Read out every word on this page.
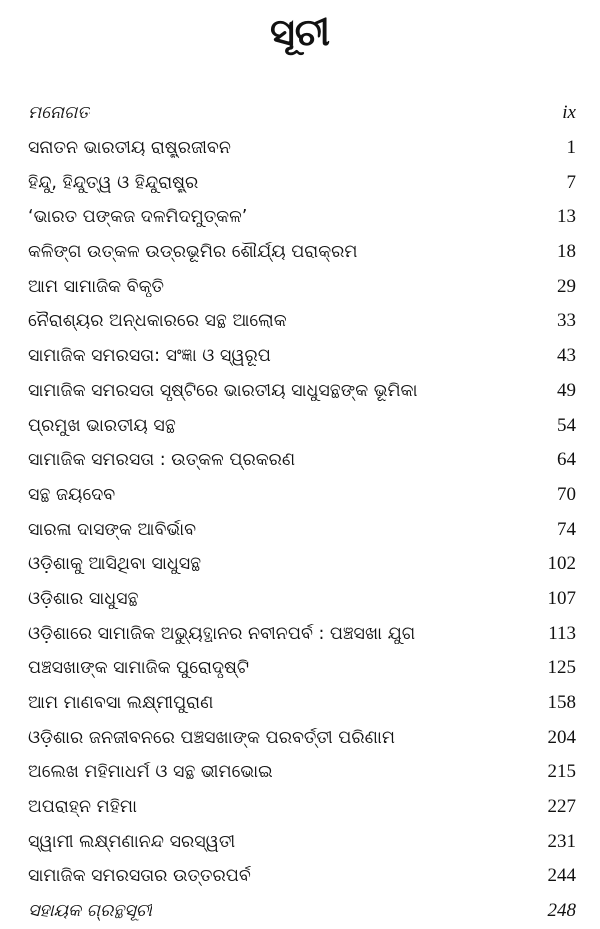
ସୂଚୀ
ମନୋଗତ	ix
ସନାତନ ଭାରତୀୟ ରାଷ୍ଟ୍ରଜୀବନ	1
ହିନ୍ଦୁ, ହିନ୍ଦୁତ୍ୱ ଓ ହିନ୍ଦୁରାଷ୍ଟ୍ର	7
‘ଭାରତ ପଙ୍କଜ ଦଳମିଦମୁତ୍କଳ’	13
କଳିଙ୍ଗ ଉତ୍କଳ ଉଡ୍ରଭୂମିର ଶୌର୍ଯ୍ୟ ପରାକ୍ରମ	18
ଆମ ସାମାଜିକ ବିକୃତି	29
ନୈରାଶ୍ୟର ଅନ୍ଧକାରରେ ସନ୍ଥ ଆଲୋକ	33
ସାମାଜିକ ସମରସତା: ସଂଜ୍ଞା ଓ ସ୍ୱରୂପ	43
ସାମାଜିକ ସମରସତା ସୃଷ୍ଟିରେ ଭାରତୀୟ ସାଧୁସନ୍ଥଙ୍କ ଭୂମିକା	49
ପ୍ରମୁଖ ଭାରତୀୟ ସନ୍ଥ	54
ସାମାଜିକ ସମରସତା : ଉତ୍କଳ ପ୍ରକରଣ	64
ସନ୍ଥ ଜୟଦେବ	70
ସାରଳା ଦାସଙ୍କ ଆବିର୍ଭାବ	74
ଓଡ଼ିଶାକୁ ଆସିଥିବା ସାଧୁସନ୍ଥ	102
ଓଡ଼ିଶାର ସାଧୁସନ୍ଥ	107
ଓଡ଼ିଶାରେ ସାମାଜିକ ଅଭ୍ୟୁତ୍ଥାନର ନବୀନପର୍ବ : ପଞ୍ଚସଖା ଯୁଗ	113
ପଞ୍ଚସଖାଙ୍କ ସାମାଜିକ ପୁରୋଦୃଷ୍ଟି	125
ଆମ ମାଣବସା ଲକ୍ଷ୍ମୀପୁରାଣ	158
ଓଡ଼ିଶାର ଜନଜୀବନରେ ପଞ୍ଚସଖାଙ୍କ ପରବର୍ତ୍ତୀ ପରିଣାମ	204
ଅଲେଖ ମହିମାଧର୍ମ ଓ ସନ୍ଥ ଭୀମଭୋଇ	215
ଅପରାହ୍ନ ମହିମା	227
ସ୍ୱାମୀ ଲକ୍ଷ୍ମଣାନନ୍ଦ ସରସ୍ୱତୀ	231
ସାମାଜିକ ସମରସତାର ଉତ୍ତରପର୍ବ	244
ସହାୟକ ଗ୍ରନ୍ଥସୂଚୀ	248
